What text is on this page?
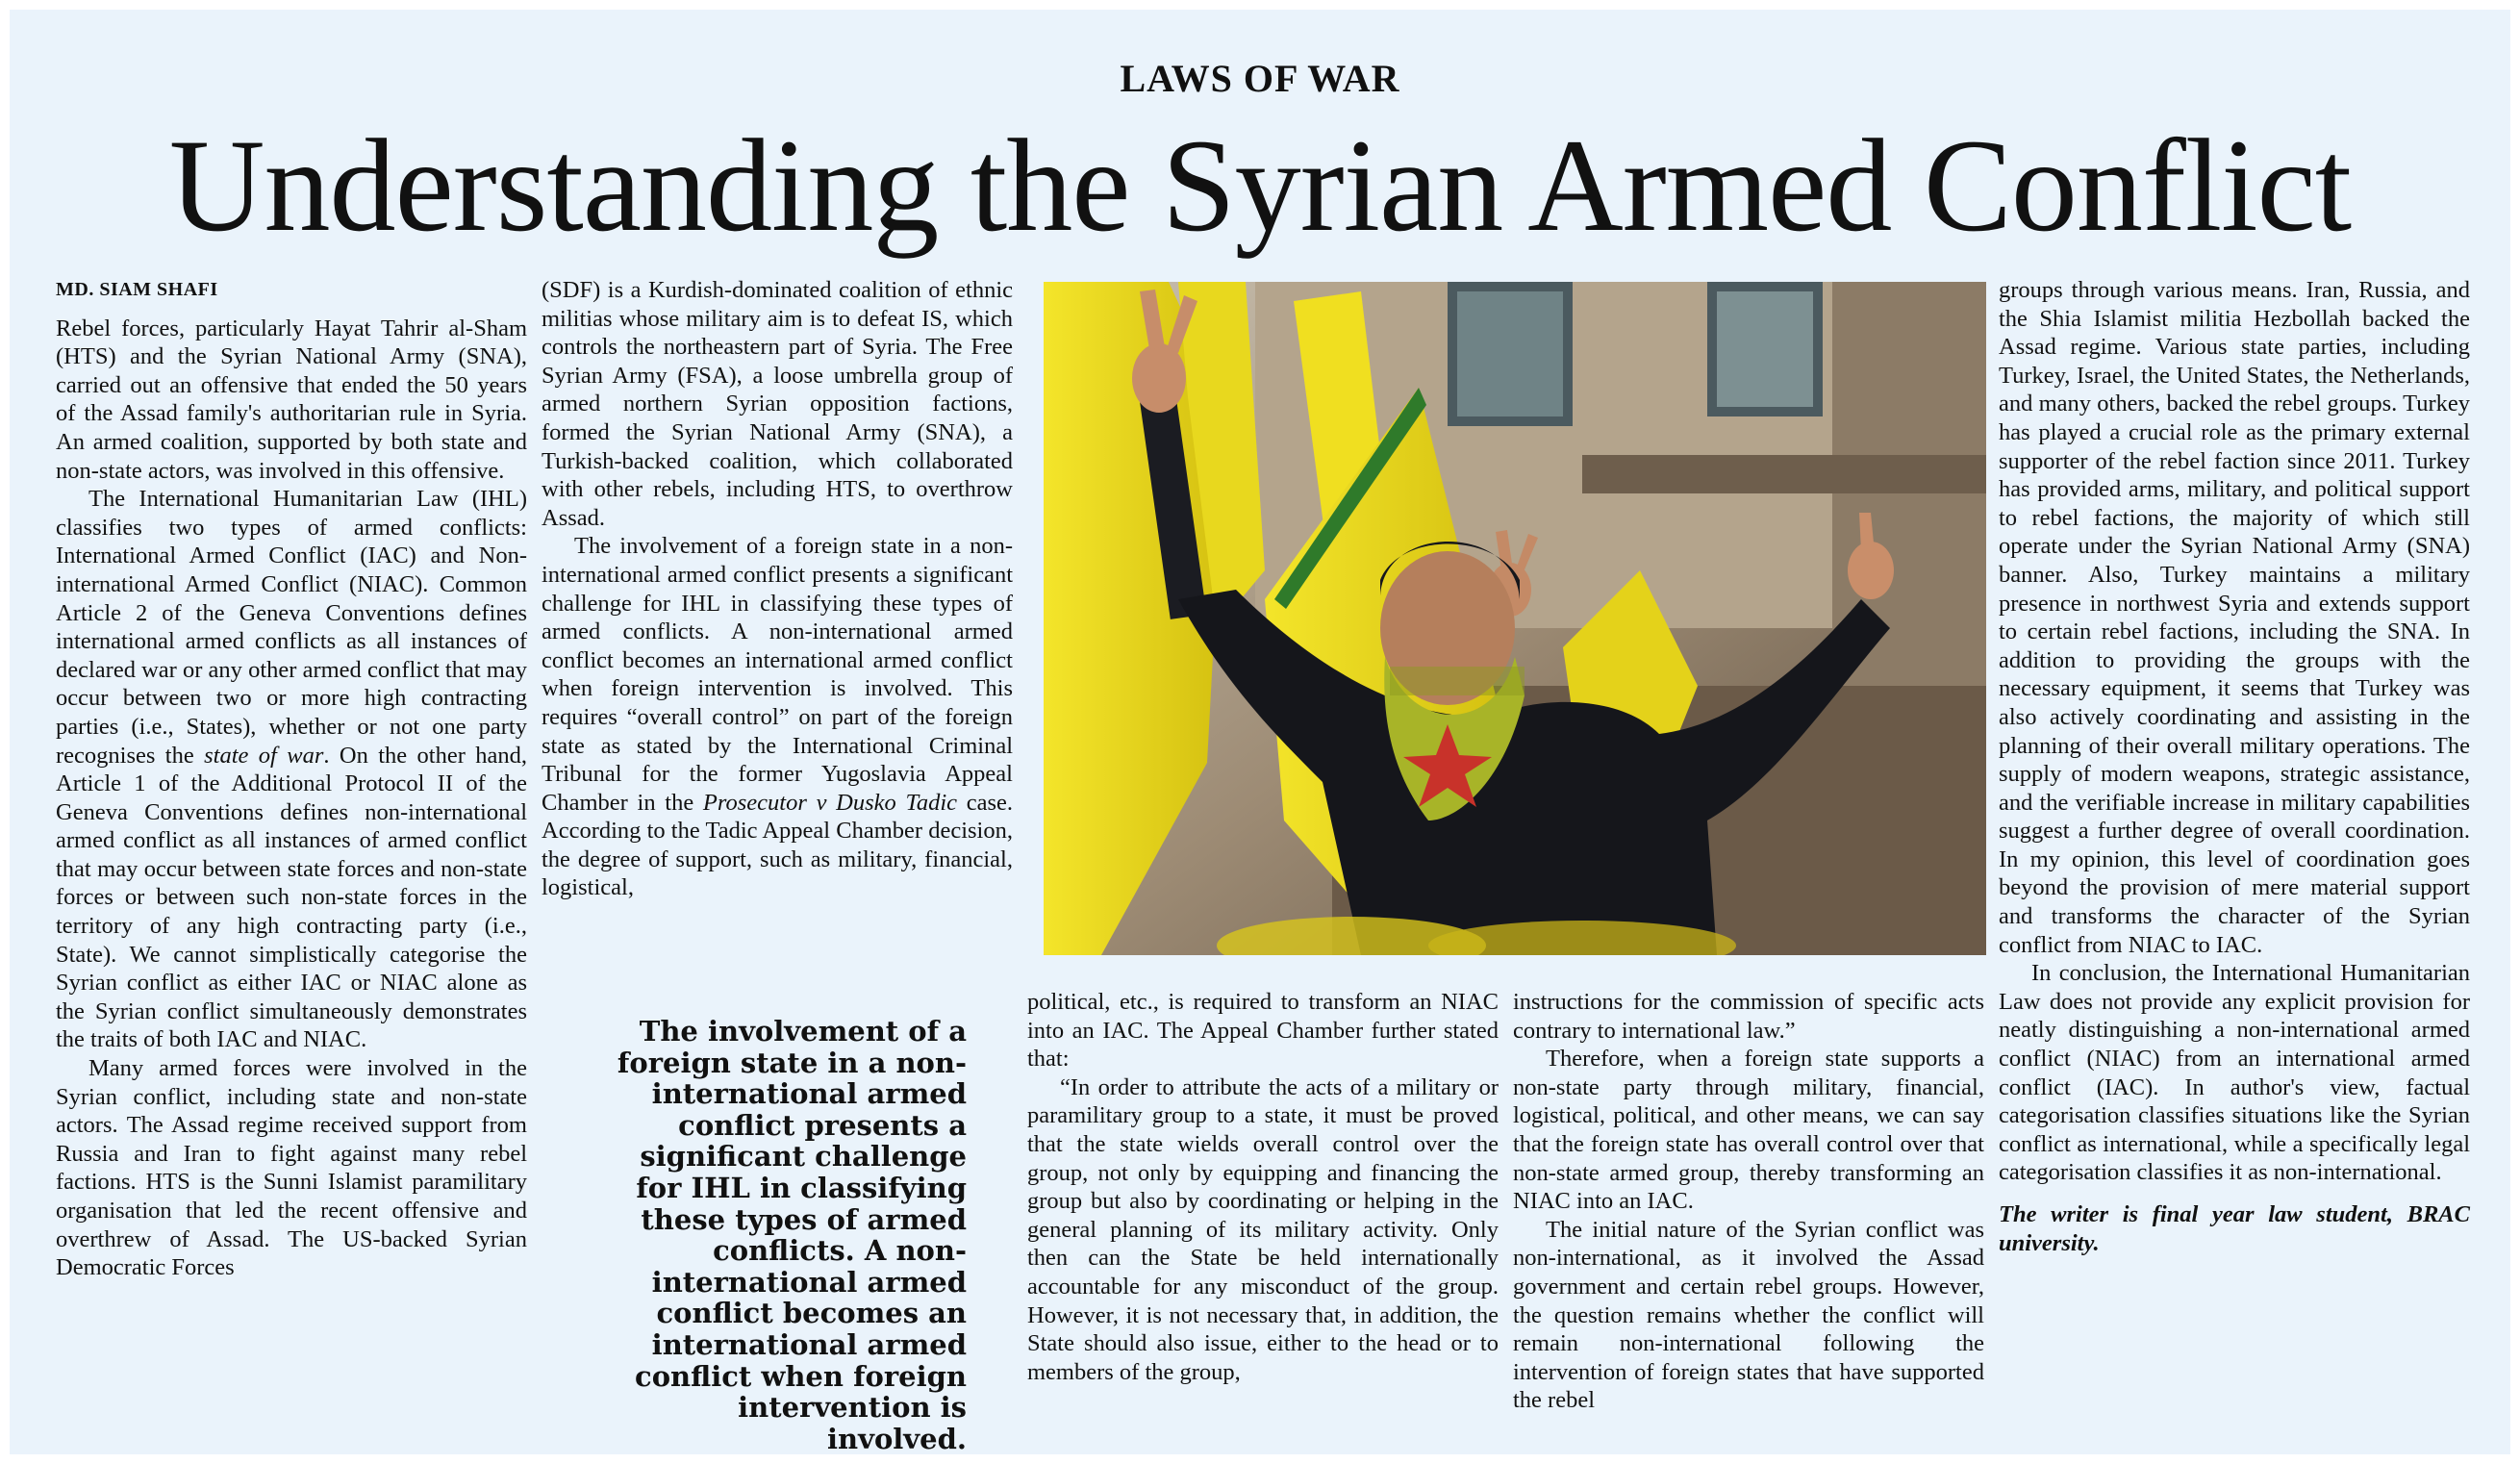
LAWS OF WAR
Understanding the Syrian Armed Conflict
MD. SIAM SHAFI

Rebel forces, particularly Hayat Tahrir al-Sham (HTS) and the Syrian National Army (SNA), carried out an offensive that ended the 50 years of the Assad family's authoritarian rule in Syria. An armed coalition, supported by both state and non-state actors, was involved in this offensive.

The International Humanitarian Law (IHL) classifies two types of armed conflicts: International Armed Conflict (IAC) and Non-international Armed Conflict (NIAC). Common Article 2 of the Geneva Conventions defines international armed conflicts as all instances of declared war or any other armed conflict that may occur between two or more high contracting parties (i.e., States), whether or not one party recognises the state of war. On the other hand, Article 1 of the Additional Protocol II of the Geneva Conventions defines non-international armed conflict as all instances of armed conflict that may occur between state forces and non-state forces or between such non-state forces in the territory of any high contracting party (i.e., State). We cannot simplistically categorise the Syrian conflict as either IAC or NIAC alone as the Syrian conflict simultaneously demonstrates the traits of both IAC and NIAC.

Many armed forces were involved in the Syrian conflict, including state and non-state actors. The Assad regime received support from Russia and Iran to fight against many rebel factions. HTS is the Sunni Islamist paramilitary organisation that led the recent offensive and overthrew of Assad. The US-backed Syrian Democratic Forces

(SDF) is a Kurdish-dominated coalition of ethnic militias whose military aim is to defeat IS, which controls the northeastern part of Syria. The Free Syrian Army (FSA), a loose umbrella group of armed northern Syrian opposition factions, formed the Syrian National Army (SNA), a Turkish-backed coalition, which collaborated with other rebels, including HTS, to overthrow Assad.

The involvement of a foreign state in a non-international armed conflict presents a significant challenge for IHL in classifying these types of armed conflicts. A non-international armed conflict becomes an international armed conflict when foreign intervention is involved. This requires “overall control” on part of the foreign state as stated by the International Criminal Tribunal for the former Yugoslavia Appeal Chamber in the Prosecutor v Dusko Tadic case. According to the Tadic Appeal Chamber decision, the degree of support, such as military, financial, logistical,

The involvement of a foreign state in a non-international armed conflict presents a significant challenge for IHL in classifying these types of armed conflicts. A non-international armed conflict becomes an international armed conflict when foreign intervention is involved.

political, etc., is required to transform an NIAC into an IAC. The Appeal Chamber further stated that:

“In order to attribute the acts of a military or paramilitary group to a state, it must be proved that the state wields overall control over the group, not only by equipping and financing the group but also by coordinating or helping in the general planning of its military activity. Only then can the State be held internationally accountable for any misconduct of the group. However, it is not necessary that, in addition, the State should also issue, either to the head or to members of the group,

instructions for the commission of specific acts contrary to international law.”

Therefore, when a foreign state supports a non-state party through military, financial, logistical, political, and other means, we can say that the foreign state has overall control over that non-state armed group, thereby transforming an NIAC into an IAC.

The initial nature of the Syrian conflict was non-international, as it involved the Assad government and certain rebel groups. However, the question remains whether the conflict will remain non-international following the intervention of foreign states that have supported the rebel

groups through various means. Iran, Russia, and the Shia Islamist militia Hezbollah backed the Assad regime. Various state parties, including Turkey, Israel, the United States, the Netherlands, and many others, backed the rebel groups. Turkey has played a crucial role as the primary external supporter of the rebel faction since 2011. Turkey has provided arms, military, and political support to rebel factions, the majority of which still operate under the Syrian National Army (SNA) banner. Also, Turkey maintains a military presence in northwest Syria and extends support to certain rebel factions, including the SNA. In addition to providing the groups with the necessary equipment, it seems that Turkey was also actively coordinating and assisting in the planning of their overall military operations. The supply of modern weapons, strategic assistance, and the verifiable increase in military capabilities suggest a further degree of overall coordination. In my opinion, this level of coordination goes beyond the provision of mere material support and transforms the character of the Syrian conflict from NIAC to IAC.

In conclusion, the International Humanitarian Law does not provide any explicit provision for neatly distinguishing a non-international armed conflict (NIAC) from an international armed conflict (IAC). In author's view, factual categorisation classifies situations like the Syrian conflict as international, while a specifically legal categorisation classifies it as non-international.

The writer is final year law student, BRAC university.
